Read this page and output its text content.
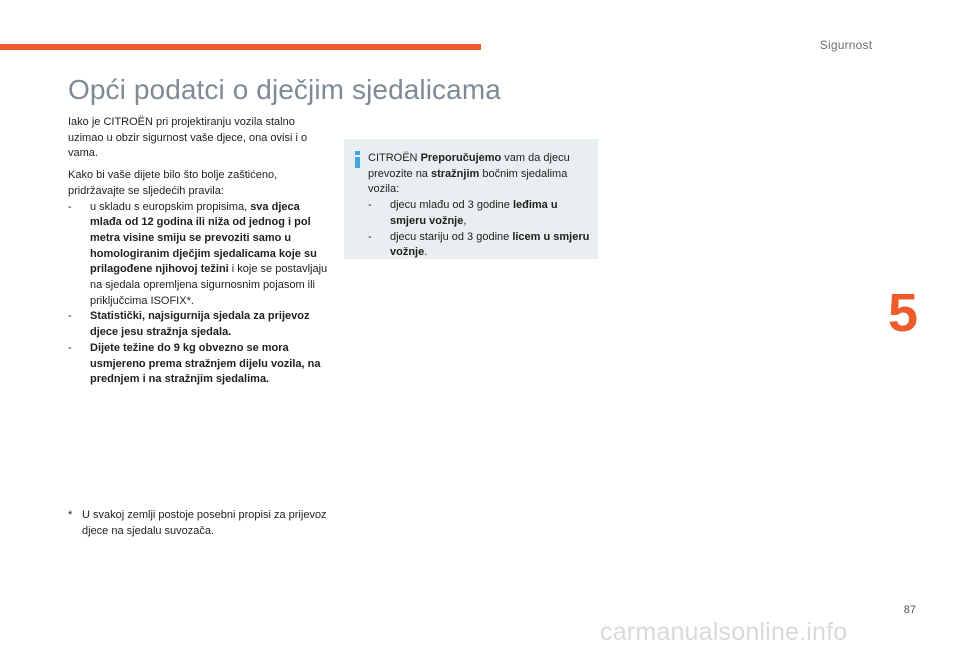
Sigurnost
Opći podatci o dječjim sjedalicama

Iako je CITROËN pri projektiranju vozila stalno uzimao u obzir sigurnost vaše djece, ona ovisi i o vama.

Kako bi vaše dijete bilo što bolje zaštićeno, pridržavajte se sljedećih pravila:

- u skladu s europskim propisima, sva djeca mlađa od 12 godina ili niža od jednog i pol metra visine smiju se prevoziti samo u homologiranim dječjim sjedalicama koje su prilagođene njihovoj težini i koje se postavljaju na sjedala opremljena sigurnosnim pojasom ili priključcima ISOFIX*.
- Statistički, najsigurnija sjedala za prijevoz djece jesu stražnja sjedala.
- Dijete težine do 9 kg obvezno se mora usmjereno prema stražnjem dijelu vozila, na prednjem i na stražnjim sjedalima.
CITROËN Preporučujemo vam da djecu prevozite na stražnjim bočnim sjedalima vozila:
- djecu mlađu od 3 godine leđima u smjeru vožnje,
- djecu stariju od 3 godine licem u smjeru vožnje.
* U svakoj zemlji postoje posebni propisi za prijevoz djece na sjedalu suvozača.
5
87
carmanualsonline.info
